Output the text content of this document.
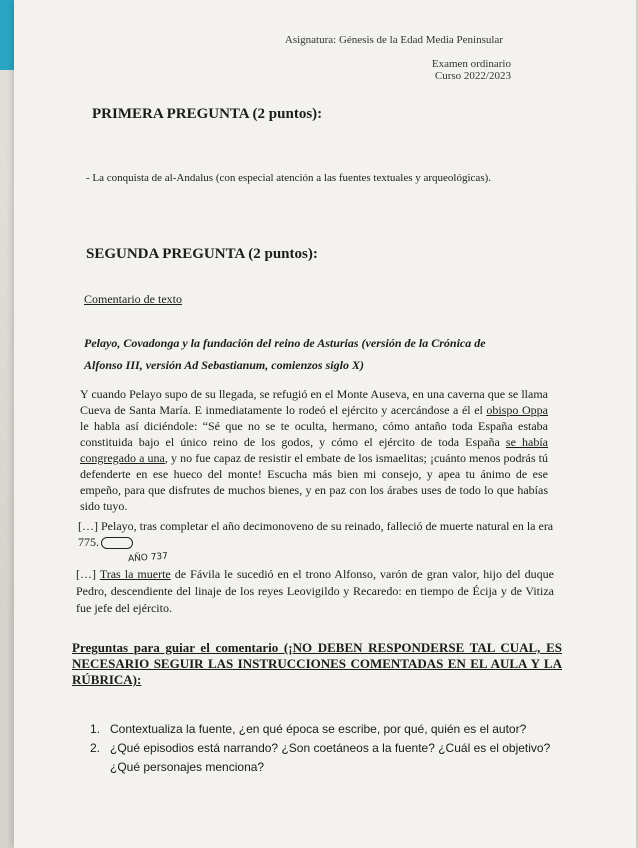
Asignatura: Génesis de la Edad Media Peninsular
Examen ordinario
Curso 2022/2023
PRIMERA PREGUNTA (2 puntos):
- La conquista de al-Andalus (con especial atención a las fuentes textuales y arqueológicas).
SEGUNDA PREGUNTA (2 puntos):
Comentario de texto
Pelayo, Covadonga y la fundación del reino de Asturias (versión de la Crónica de Alfonso III, versión Ad Sebastianum, comienzos siglo X)
Y cuando Pelayo supo de su llegada, se refugió en el Monte Auseva, en una caverna que se llama Cueva de Santa María. E inmediatamente lo rodeó el ejército y acercándose a él el obispo Oppa le habla así diciéndole: “Sé que no se te oculta, hermano, cómo antaño toda España estaba constituida bajo el único reino de los godos, y cómo el ejército de toda España se había congregado a una, y no fue capaz de resistir el embate de los ismaelitas; ¡cuánto menos podrás tú defenderte en ese hueco del monte! Escucha más bien mi consejo, y apea tu ánimo de ese empeño, para que disfrutes de muchos bienes, y en paz con los árabes uses de todo lo que habías sido tuyo.
[…] Pelayo, tras completar el año decimonoveno de su reinado, falleció de muerte natural en la era 775.
AÑO 737
[…] Tras la muerte de Fávila le sucedió en el trono Alfonso, varón de gran valor, hijo del duque Pedro, descendiente del linaje de los reyes Leovigildo y Recaredo: en tiempo de Écija y de Vitiza fue jefe del ejército.
Preguntas para guiar el comentario (¡NO DEBEN RESPONDERSE TAL CUAL, ES NECESARIO SEGUIR LAS INSTRUCCIONES COMENTADAS EN EL AULA Y LA RÚBRICA):
1. Contextualiza la fuente, ¿en qué época se escribe, por qué, quién es el autor?
2. ¿Qué episodios está narrando? ¿Son coetáneos a la fuente? ¿Cuál es el objetivo? ¿Qué personajes menciona?
